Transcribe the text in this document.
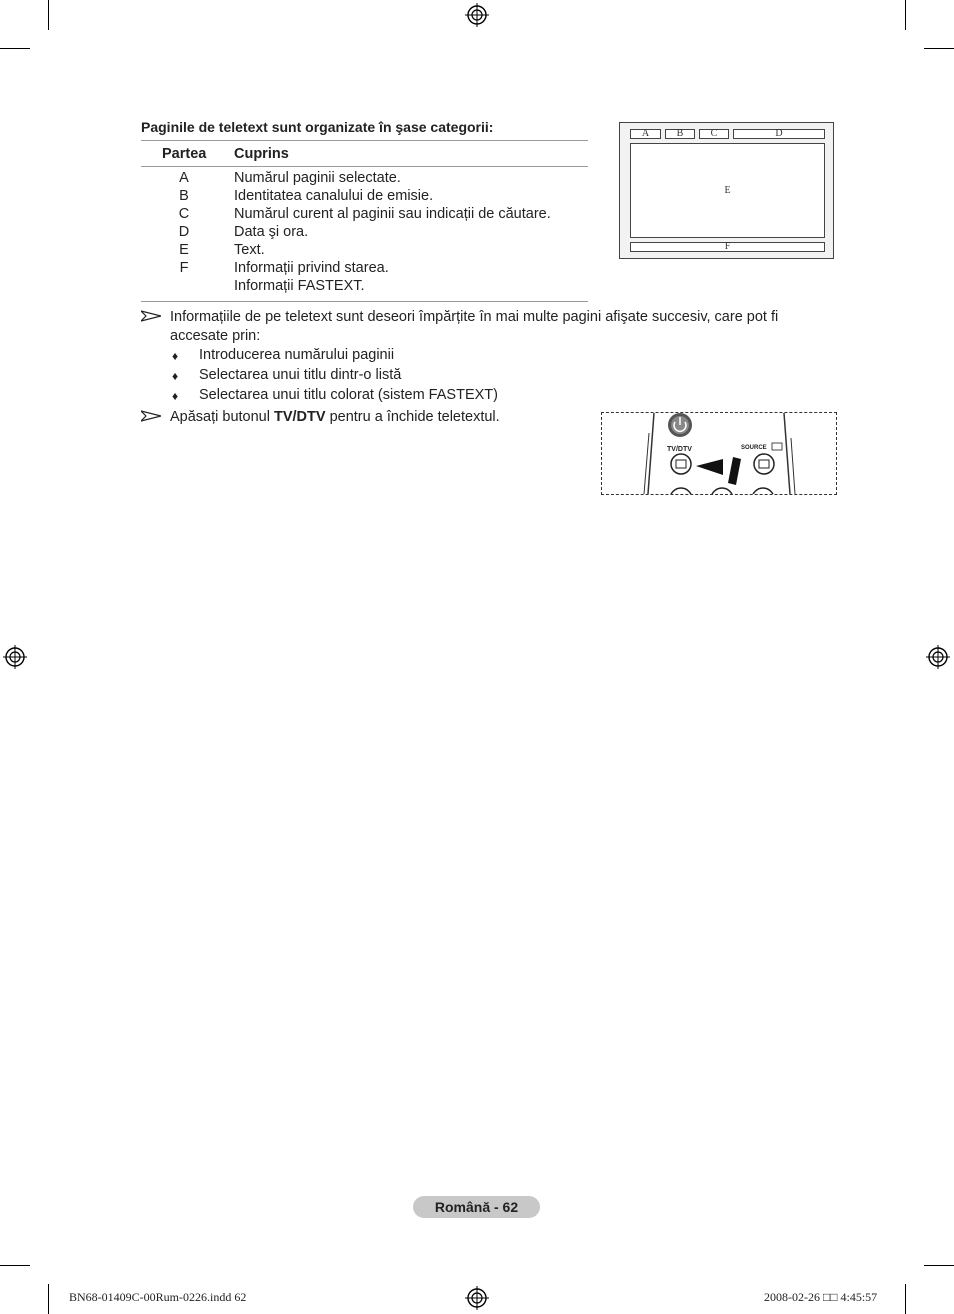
Paginile de teletext sunt organizate în şase categorii:
Partea Cuprins
A	Numărul paginii selectate.
B	Identitatea canalului de emisie.
C	Numărul curent al paginii sau indicații de căutare.
D	Data şi ora.
E	Text.
F	Informații privind starea.
Informații FASTEXT.
A	B	C	D
E
F
Informațiile de pe teletext sunt deseori împărțite în mai multe pagini afişate succesiv, care pot fi accesate prin:
♦ Introducerea numărului paginii
♦ Selectarea unui titlu dintr-o listă
♦ Selectarea unui titlu colorat (sistem FASTEXT)
Apăsați butonul TV/DTV pentru a închide teletextul.
TV/DTV	SOURCE
Română - 62
BN68-01409C-00Rum-0226.indd 62	2008-02-26 □□ 4:45:57
